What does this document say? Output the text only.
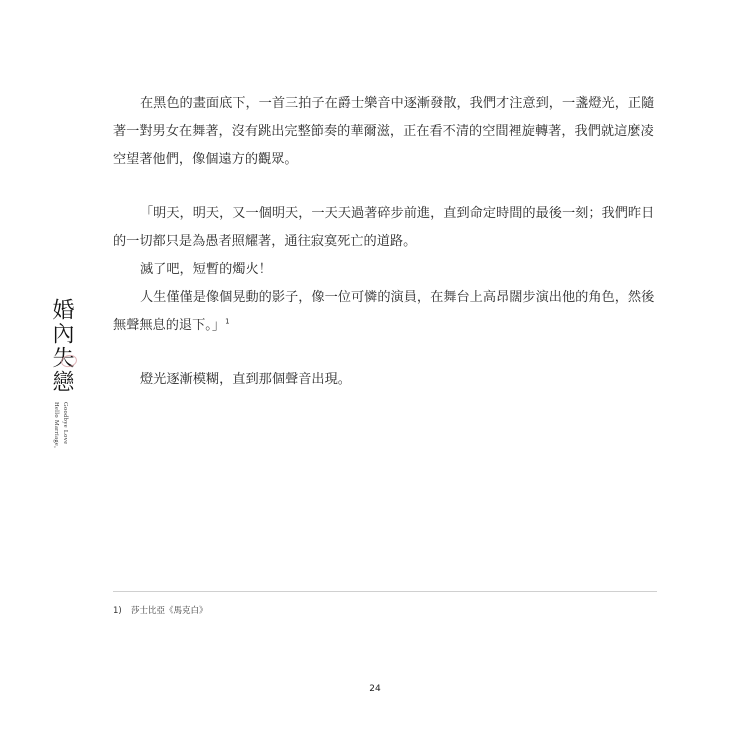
婚內失戀
Hello Marriage, Goodbye Love

在黑色的畫面底下，一首三拍子在爵士樂音中逐漸發散，我們才注意到，一盞燈光，正隨著一對男女在舞著，沒有跳出完整節奏的華爾滋，正在看不清的空間裡旋轉著，我們就這麼凌空望著他們，像個遠方的觀眾。

「明天，明天，又一個明天，一天天過著碎步前進，直到命定時間的最後一刻；我們昨日的一切都只是為愚者照耀著，通往寂寞死亡的道路。

滅了吧，短暫的燭火！

人生僅僅是像個晃動的影子，像一位可憐的演員，在舞台上高昂闊步演出他的角色，然後無聲無息的退下。」$^1$

燈光逐漸模糊，直到那個聲音出現。

1) 莎士比亞《馬克白》
24
